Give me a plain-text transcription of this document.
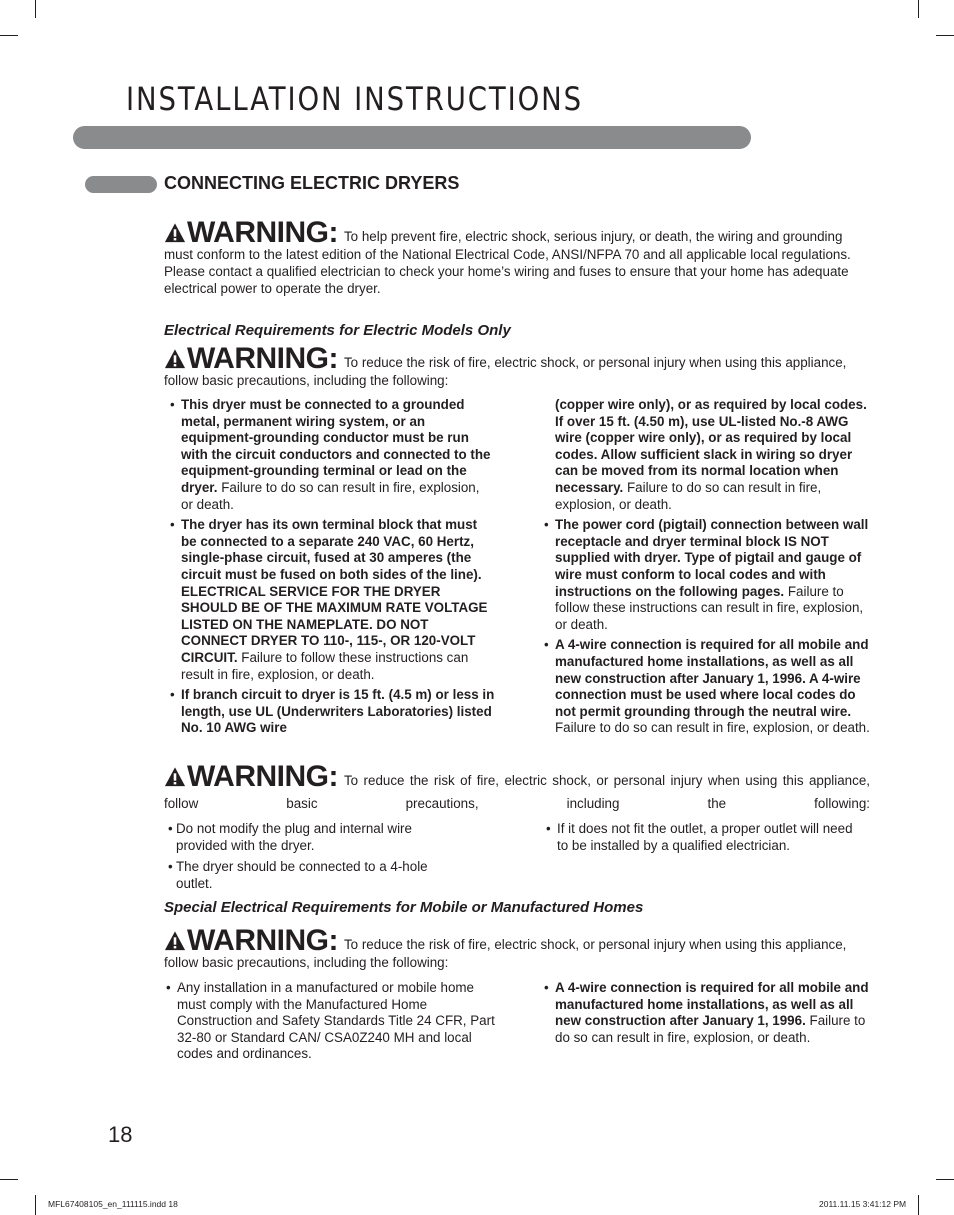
INSTALLATION INSTRUCTIONS
CONNECTING ELECTRIC DRYERS

WARNING: To help prevent fire, electric shock, serious injury, or death, the wiring and grounding must conform to the latest edition of the National Electrical Code, ANSI/NFPA 70 and all applicable local regulations. Please contact a qualified electrician to check your home’s wiring and fuses to ensure that your home has adequate electrical power to operate the dryer.

Electrical Requirements for Electric Models Only

WARNING: To reduce the risk of fire, electric shock, or personal injury when using this appliance, follow basic precautions, including the following:

• This dryer must be connected to a grounded metal, permanent wiring system, or an equipment-grounding conductor must be run with the circuit conductors and connected to the equipment-grounding terminal or lead on the dryer. Failure to do so can result in fire, explosion, or death.
• The dryer has its own terminal block that must be connected to a separate 240 VAC, 60 Hertz, single-phase circuit, fused at 30 amperes (the circuit must be fused on both sides of the line). ELECTRICAL SERVICE FOR THE DRYER SHOULD BE OF THE MAXIMUM RATE VOLTAGE LISTED ON THE NAMEPLATE. DO NOT CONNECT DRYER TO 110-, 115-, OR 120-VOLT CIRCUIT. Failure to follow these instructions can result in fire, explosion, or death.
• If branch circuit to dryer is 15 ft. (4.5 m) or less in length, use UL (Underwriters Laboratories) listed No. 10 AWG wire
(copper wire only), or as required by local codes. If over 15 ft. (4.50 m), use UL-listed No.-8 AWG wire (copper wire only), or as required by local codes. Allow sufficient slack in wiring so dryer can be moved from its normal location when necessary. Failure to do so can result in fire, explosion, or death.
• The power cord (pigtail) connection between wall receptacle and dryer terminal block IS NOT supplied with dryer. Type of pigtail and gauge of wire must conform to local codes and with instructions on the following pages. Failure to follow these instructions can result in fire, explosion, or death.
• A 4-wire connection is required for all mobile and manufactured home installations, as well as all new construction after January 1, 1996. A 4-wire connection must be used where local codes do not permit grounding through the neutral wire. Failure to do so can result in fire, explosion, or death.

WARNING: To reduce the risk of fire, electric shock, or personal injury when using this appliance, follow basic precautions, including the following:

• Do not modify the plug and internal wire provided with the dryer.
• The dryer should be connected to a 4-hole outlet.
• If it does not fit the outlet, a proper outlet will need to be installed by a qualified electrician.
Special Electrical Requirements for Mobile or Manufactured Homes

WARNING: To reduce the risk of fire, electric shock, or personal injury when using this appliance, follow basic precautions, including the following:

• Any installation in a manufactured or mobile home must comply with the Manufactured Home Construction and Safety Standards Title 24 CFR, Part 32-80 or Standard CAN/ CSA0Z240 MH and local codes and ordinances.
• A 4-wire connection is required for all mobile and manufactured home installations, as well as all new construction after January 1, 1996. Failure to do so can result in fire, explosion, or death.
18
MFL67408105_en_111115.indd 18	2011.11.15 3:41:12 PM
